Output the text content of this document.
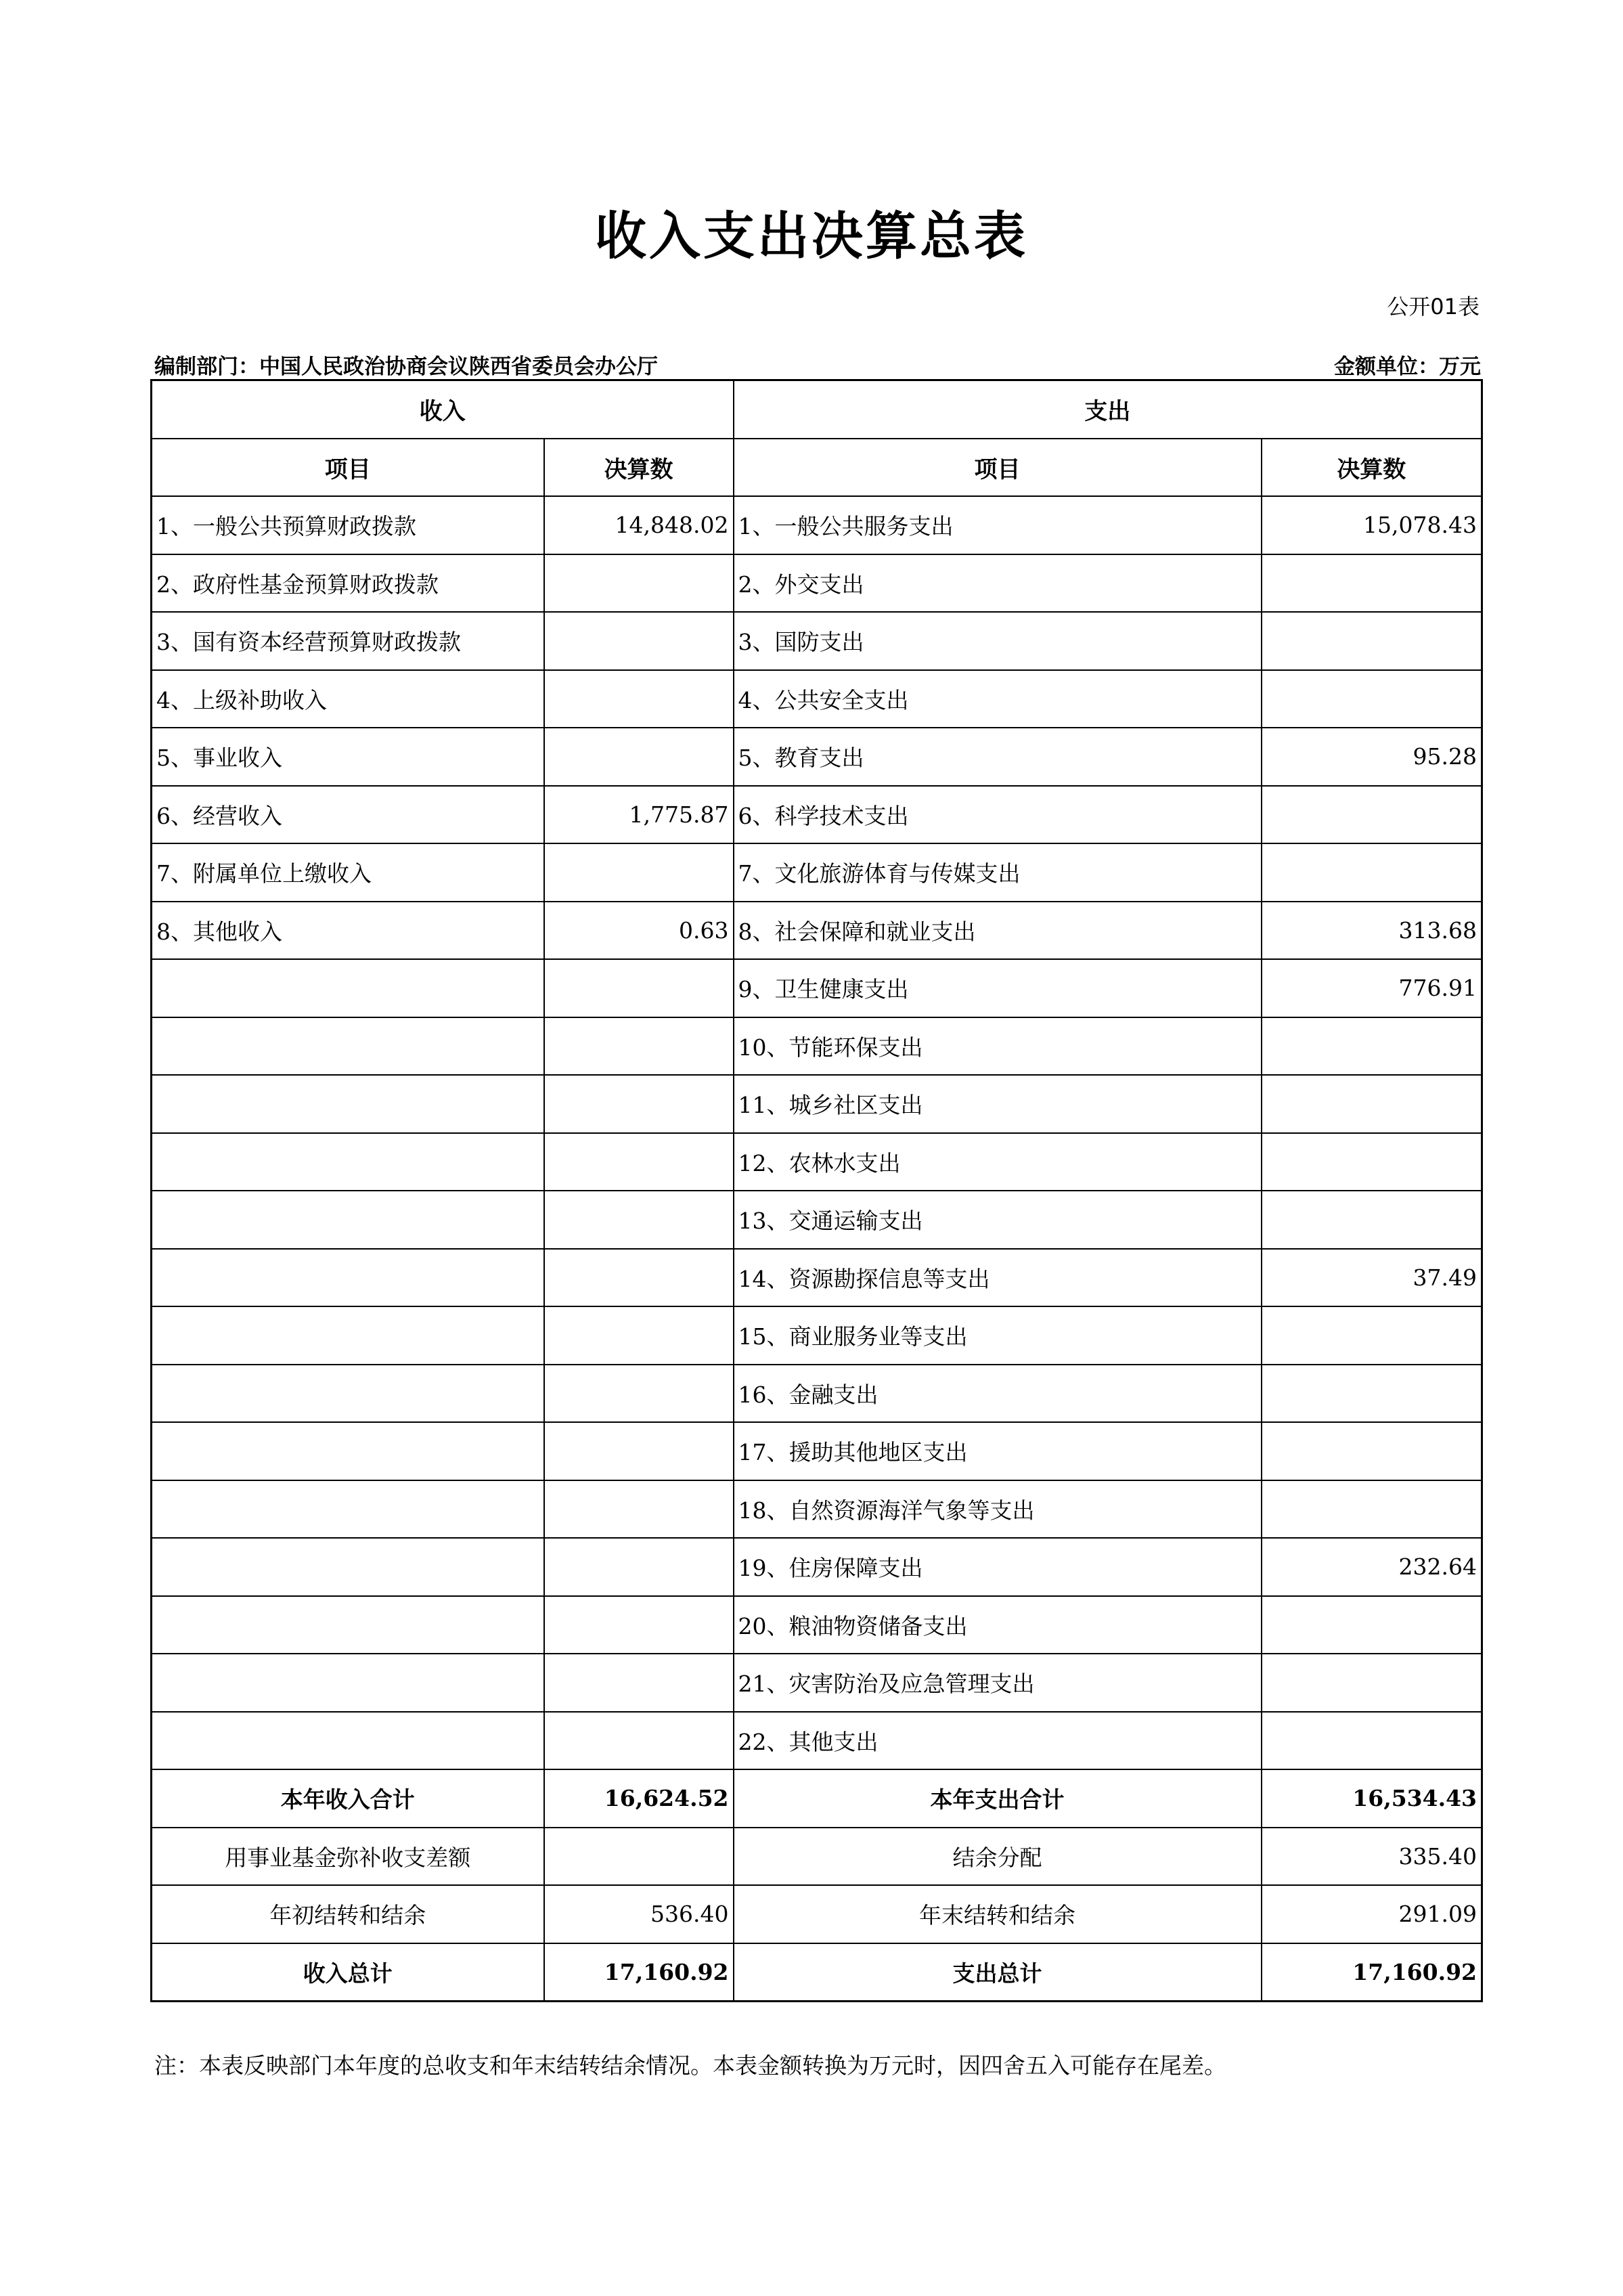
收入支出决算总表
公开01表
编制部门：中国人民政治协商会议陕西省委员会办公厅	金额单位：万元
收入		支出	
项目	决算数	项目	决算数
1、一般公共预算财政拨款	14,848.02	1、一般公共服务支出	15,078.43
2、政府性基金预算财政拨款		2、外交支出	
3、国有资本经营预算财政拨款		3、国防支出	
4、上级补助收入		4、公共安全支出	
5、事业收入		5、教育支出	95.28
6、经营收入	1,775.87	6、科学技术支出	
7、附属单位上缴收入		7、文化旅游体育与传媒支出	
8、其他收入	0.63	8、社会保障和就业支出	313.68
		9、卫生健康支出	776.91
		10、节能环保支出	
		11、城乡社区支出	
		12、农林水支出	
		13、交通运输支出	
		14、资源勘探信息等支出	37.49
		15、商业服务业等支出	
		16、金融支出	
		17、援助其他地区支出	
		18、自然资源海洋气象等支出	
		19、住房保障支出	232.64
		20、粮油物资储备支出	
		21、灾害防治及应急管理支出	
		22、其他支出	
本年收入合计	16,624.52	本年支出合计	16,534.43
用事业基金弥补收支差额		结余分配	335.40
年初结转和结余	536.40	年末结转和结余	291.09
收入总计	17,160.92	支出总计	17,160.92
注：本表反映部门本年度的总收支和年末结转结余情况。本表金额转换为万元时，因四舍五入可能存在尾差。
